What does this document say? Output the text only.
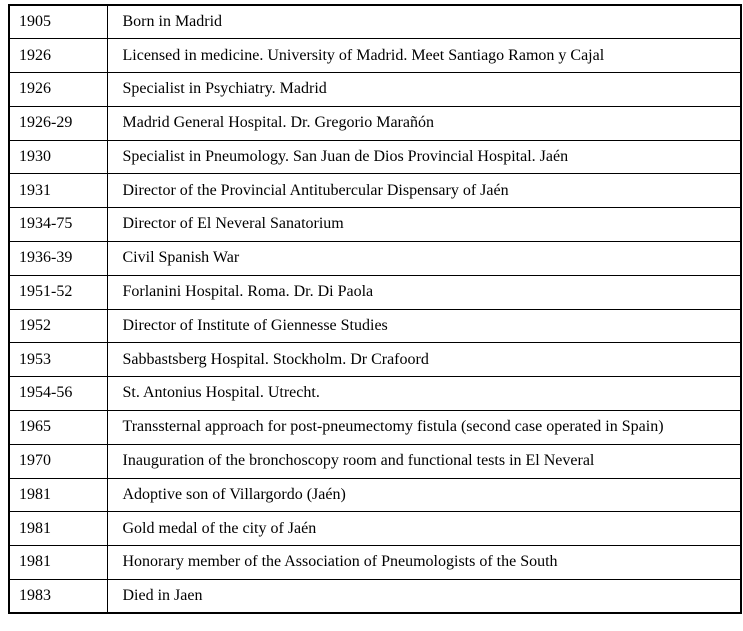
1905	Born in Madrid
1926	Licensed in medicine. University of Madrid. Meet Santiago Ramon y Cajal
1926	Specialist in Psychiatry. Madrid
1926-29	Madrid General Hospital. Dr. Gregorio Marañón
1930	Specialist in Pneumology. San Juan de Dios Provincial Hospital. Jaén
1931	Director of the Provincial Antitubercular Dispensary of Jaén
1934-75	Director of El Neveral Sanatorium
1936-39	Civil Spanish War
1951-52	Forlanini Hospital. Roma. Dr. Di Paola
1952	Director of Institute of Giennesse Studies
1953	Sabbastsberg Hospital. Stockholm. Dr Crafoord
1954-56	St. Antonius Hospital. Utrecht.
1965	Transsternal approach for post-pneumectomy fistula (second case operated in Spain)
1970	Inauguration of the bronchoscopy room and functional tests in El Neveral
1981	Adoptive son of Villargordo (Jaén)
1981	Gold medal of the city of Jaén
1981	Honorary member of the Association of Pneumologists of the South
1983	Died in Jaen
